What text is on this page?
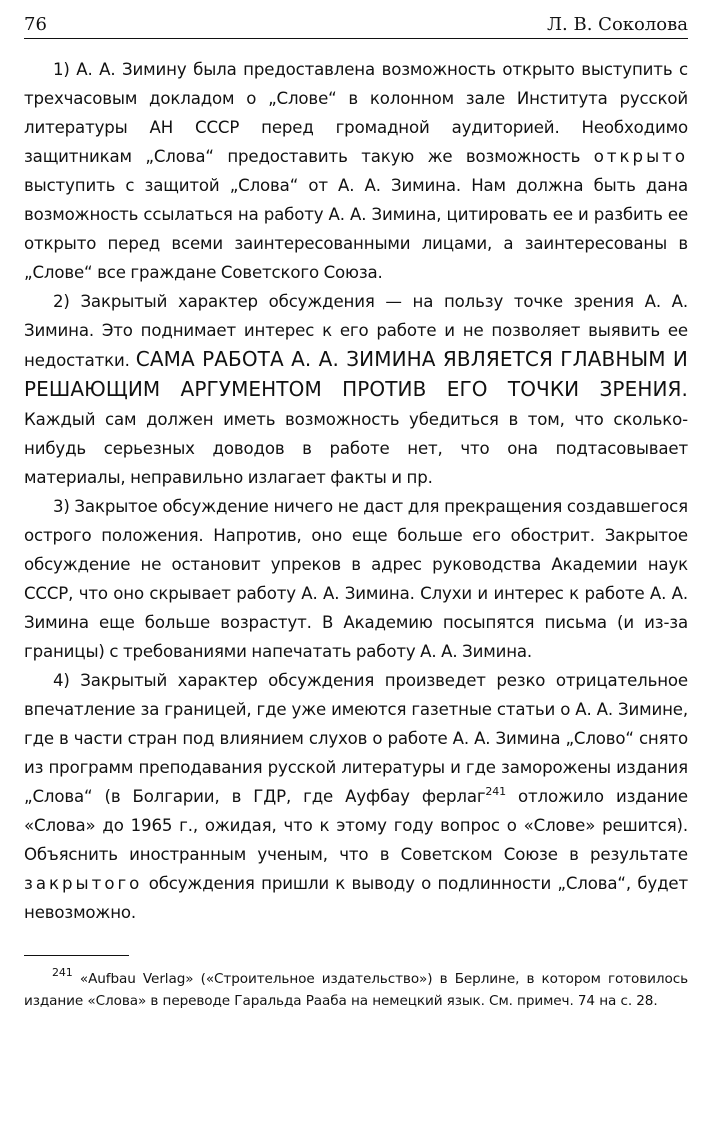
76	Л. В. Соколова

1) А. А. Зимину была предоставлена возможность открыто выступить с трехчасовым докладом о „Слове“ в колонном зале Института русской литературы АН СССР перед громадной аудиторией. Необходимо защитникам „Слова“ предоставить такую же возможность открыто выступить с защитой „Слова“ от А. А. Зимина. Нам должна быть дана возможность ссылаться на работу А. А. Зимина, цитировать ее и разбить ее открыто перед всеми заинтересованными лицами, а заинтересованы в „Слове“ все граждане Советского Союза.

2) Закрытый характер обсуждения — на пользу точке зрения А. А. Зимина. Это поднимает интерес к его работе и не позволяет выявить ее недостатки. САМА РАБОТА А. А. ЗИМИНА ЯВЛЯЕТСЯ ГЛАВНЫМ И РЕШАЮЩИМ АРГУМЕНТОМ ПРОТИВ ЕГО ТОЧКИ ЗРЕНИЯ. Каждый сам должен иметь возможность убедиться в том, что сколько-нибудь серьезных доводов в работе нет, что она подтасовывает материалы, неправильно излагает факты и пр.

3) Закрытое обсуждение ничего не даст для прекращения создавшегося острого положения. Напротив, оно еще больше его обострит. Закрытое обсуждение не остановит упреков в адрес руководства Академии наук СССР, что оно скрывает работу А. А. Зимина. Слухи и интерес к работе А. А. Зимина еще больше возрастут. В Академию посыпятся письма (и из-за границы) с требованиями напечатать работу А. А. Зимина.

4) Закрытый характер обсуждения произведет резко отрицательное впечатление за границей, где уже имеются газетные статьи о А. А. Зимине, где в части стран под влиянием слухов о работе А. А. Зимина „Слово“ снято из программ преподавания русской литературы и где заморожены издания „Слова“ (в Болгарии, в ГДР, где Ауфбау ферлаг$^{241}$ отложило издание «Слова» до 1965 г., ожидая, что к этому году вопрос о «Слове» решится). Объяснить иностранным ученым, что в Советском Союзе в результате закрытого обсуждения пришли к выводу о подлинности „Слова“, будет невозможно.

$^{241}$ «Aufbau Verlag» («Строительное издательство») в Берлине, в котором готовилось издание «Слова» в переводе Гаральда Рааба на немецкий язык. См. примеч. 74 на с. 28.
